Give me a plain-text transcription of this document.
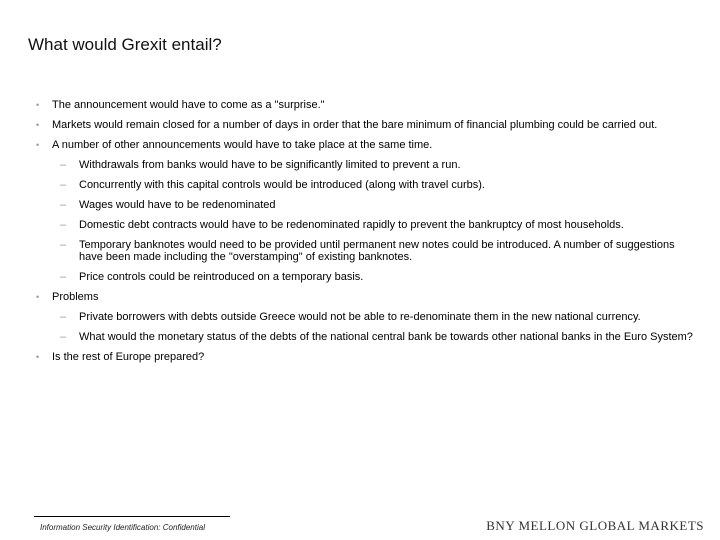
What would Grexit entail?
• The announcement would have to come as a "surprise."
• Markets would remain closed for a number of days in order that the bare minimum of financial plumbing could be carried out.
• A number of other announcements would have to take place at the same time.
– Withdrawals from banks would have to be significantly limited to prevent a run.
– Concurrently with this capital controls would be introduced (along with travel curbs).
– Wages would have to be redenominated
– Domestic debt contracts would have to be redenominated rapidly to prevent the bankruptcy of most households.
– Temporary banknotes would need to be provided until permanent new notes could be introduced. A number of suggestions have been made including the "overstamping" of existing banknotes.
– Price controls could be reintroduced on a temporary basis.
• Problems
– Private borrowers with debts outside Greece would not be able to re-denominate them in the new national currency.
– What would the monetary status of the debts of the national central bank be towards other national banks in the Euro System?
• Is the rest of Europe prepared?
Information Security Identification: Confidential	BNY MELLON GLOBAL MARKETS
